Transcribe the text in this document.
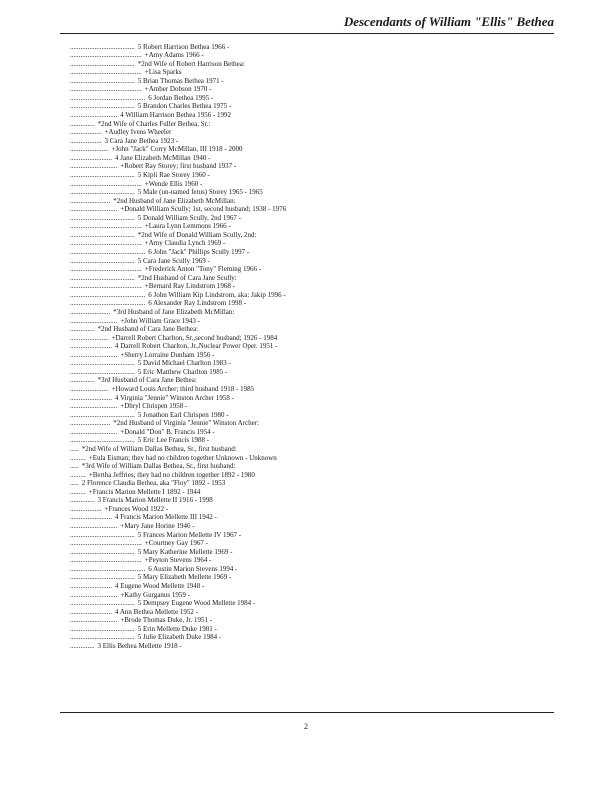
Descendants of William "Ellis" Bethea
..................................... 5 Robert Harrison Bethea 1966 -
......................................... +Amy Adams 1966 -
..................................... *2nd Wife of Robert Harrison Bethea:
......................................... +Lisa Sparks
..................................... 5 Brian Thomas Bethea 1971 -
......................................... +Amber Dobson 1970 -
........................................... 6 Jordan Bethea 1995 -
..................................... 5 Brandon Charles Bethea 1975 -
........................... 4 William Harrison Bethea 1956 - 1992
.............. *2nd Wife of Charles Fuller Bethea, Sr.:
.................. +Audley Ivens Wheeler
.................. 3 Cara Jane Bethea 1923 -
...................... +John "Jack" Corry McMillan, III 1918 - 2000
........................ 4 Jane Elizabeth McMillan 1940 -
........................... +Robert Ray Storey; first husband 1937 -
..................................... 5 Kipli Rae Storey 1960 -
......................................... +Wende Ellis 1960 -
..................................... 5 Male (un-named fetus) Storey 1965 - 1965
....................... *2nd Husband of Jane Elizabeth McMillan:
........................... +Donald William Scully; 1st, second husband; 1938 - 1976
..................................... 5 Donald William Scully, 2nd 1967 -
......................................... +Laura Lynn Lemmons 1966 -
..................................... *2nd Wife of Donald William Scully, 2nd:
......................................... +Amy Claudia Lynch 1969 -
........................................... 6 John "Jack" Phillips Scully 1997 -
..................................... 5 Cara Jane Scully 1969 -
......................................... +Frederick Anton "Tony" Fleming 1966 -
..................................... *2nd Husband of Cara Jane Scully:
......................................... +Bernard Ray Lindstrom 1968 -
........................................... 6 John William Kip Lindstrom, aka: Jakip 1996 -
........................................... 6 Alexander Ray Lindstrom 1998 -
....................... *3rd Husband of Jane Elizabeth McMillan:
........................... +John William Grace 1943 -
.............. *2nd Husband of Cara Jane Bethea:
...................... +Darrell Robert Charlton, Sr.,second husband; 1926 - 1984
........................ 4 Darrell Robert Charlton, Jr.,Nuclear Power Oper. 1951 -
........................... +Sherry Lorraine Dunham 1956 -
..................................... 5 David Michael Charlton 1983 -
..................................... 5 Eric Matthew Charlton 1985 -
.............. *3rd Husband of Cara Jane Bethea:
...................... +Howard Louis Archer; third husband 1918 - 1985
........................ 4 Virginia "Jennie" Winston Archer 1958 -
........................... +Dhryl Chrispen 1958 -
..................................... 5 Jonathon Earl Chrispen 1980 -
....................... *2nd Husband of Virginia "Jennie" Winston Archer:
........................... +Donald "Don" B. Francis 1954 -
..................................... 5 Eric Lee Francis 1988 -
..... *2nd Wife of William Dallas Bethea, Sr., first husband:
......... +Eula Eisman; they had no children together Unknown - Unknown
..... *3rd Wife of William Dallas Bethea, Sr., first husband:
......... +Bertha Jeffries; they had no children together 1892 - 1980
..... 2 Florence Claudia Bethea, aka "Floy" 1892 - 1953
......... +Francis Marion Mellette I 1892 - 1944
.............. 3 Francis Marion Mellette II 1916 - 1998
.................. +Frances Wood 1922 -
........................ 4 Francis Marion Mellette III 1942 -
........................... +Mary Jane Horine 1946 -
..................................... 5 Frances Marion Mellette IV 1967 -
......................................... +Courtney Gay 1967 -
..................................... 5 Mary Katherine Mellette 1969 -
......................................... +Peyton Stevens 1964 -
........................................... 6 Austin Marion Stevens 1994 -
..................................... 5 Mary Elizabeth Mellette 1969 -
........................ 4 Eugene Wood Mellette 1948 -
........................... +Kathy Gurganus 1959 -
..................................... 5 Dempsey Eugene Wood Mellette 1984 -
........................ 4 Ann Bethea Mellette 1952 -
........................... +Brode Thomas Duke, Jr. 1951 -
..................................... 5 Erin Mellette Duke 1981 -
..................................... 5 Julie Elizabeth Duke 1984 -
.............. 3 Ellis Bethea Mellette 1918 -
2
